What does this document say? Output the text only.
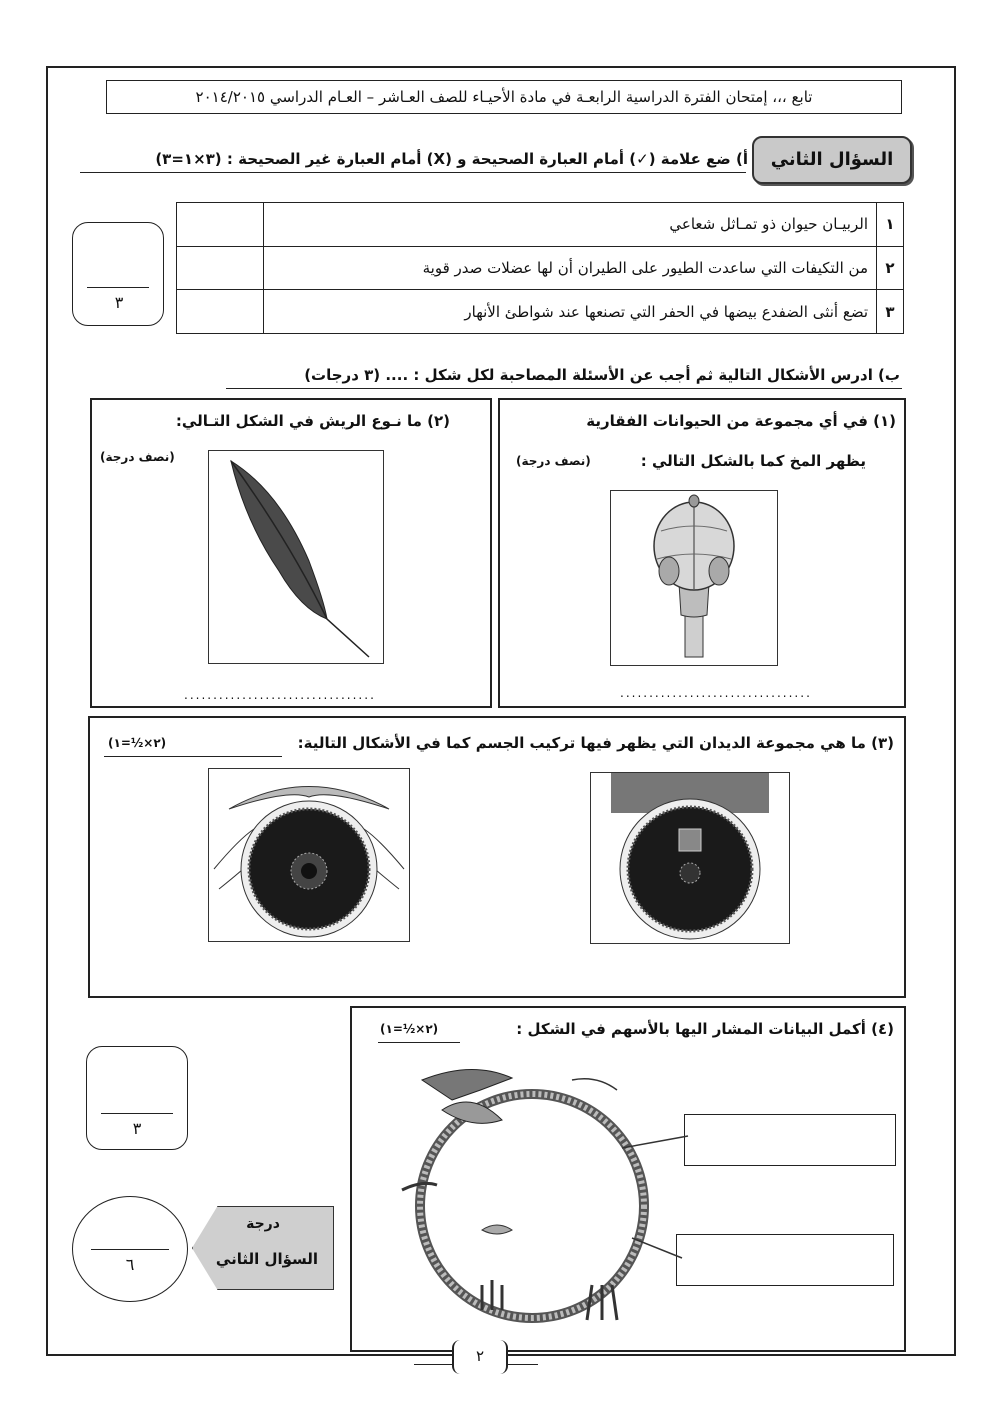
تابع ،،، إمتحان الفترة الدراسية الرابعـة في مادة الأحيـاء للصف العـاشر – العـام الدراسي ٢٠١٤/٢٠١٥
السؤال الثاني
أ) ضع علامة (✓) أمام العبارة الصحيحة و (X) أمام العبارة غير الصحيحة : (٣×١=٣)
١	الربيـان حيوان ذو تمـاثل شعاعي	
٢	من التكيفات التي ساعدت الطيور على الطيران أن لها عضلات صدر قوية	
٣	تضع أنثى الضفدع بيضها في الحفر التي تصنعها عند شواطئ الأنهار	
٣
ب) ادرس الأشكال التالية ثم أجب عن الأسئلة المصاحبة لكل شكل : .... (٣ درجات)
(١) في أي مجموعة من الحيوانات الفقارية
يظهر المخ كما بالشكل التالي :
(نصف درجة)
.................................
(٢) ما نـوع الريش في الشكل التـالي:
(نصف درجة)
.................................
(٣) ما هي مجموعة الديدان التي يظهر فيها تركيب الجسم كما في الأشكال التالية:
(٢×½=١)
(٤) أكمل البيانات المشار اليها بالأسهم في الشكل :
(٢×½=١)
٣
٦
درجة
السؤال الثاني
٢
